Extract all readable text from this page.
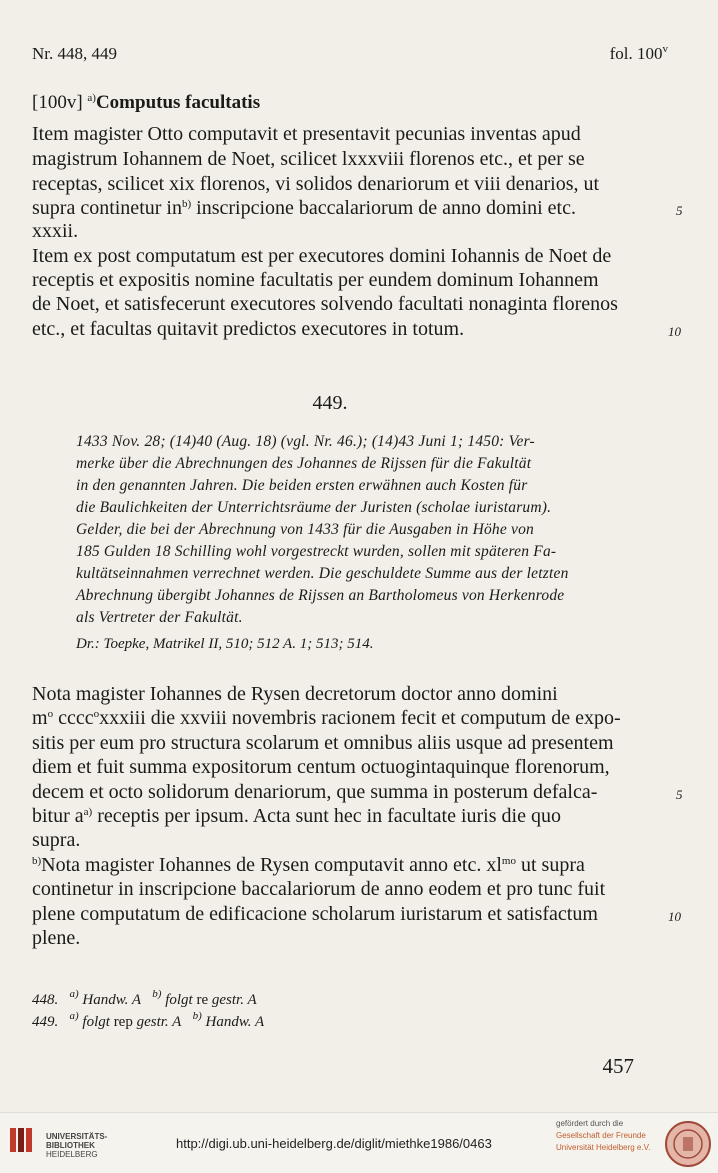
Nr. 448, 449	fol. 100$^v$
[100v] $^{a)}$Computus facultatis
Item magister Otto computavit et presentavit pecunias inventas apud
magistrum Iohannem de Noet, scilicet lxxxviii florenos etc., et per se
receptas, scilicet xix florenos, vi solidos denariorum et viii denarios, ut
supra continetur $in^{b)}$ inscripcione baccalariorum de anno domini etc.	5
xxxii.
Item ex post computatum est per executores domini Iohannis de Noet de
receptis et expositis nomine facultatis per eundem dominum Iohannem
de Noet, et satisfecerunt executores solvendo facultati nonaginta florenos
etc., et facultas quitavit predictos executores in totum.	10
449.
1433 Nov. 28; (14)40 (Aug. 18) (vgl. Nr. 46.); (14)43 Juni 1; 1450: Ver-
merke über die Abrechnungen des Johannes de Rijssen für die Fakultät
in den genannten Jahren. Die beiden ersten erwähnen auch Kosten für
die Baulichkeiten der Unterrichtsräume der Juristen (scholae iuristarum).
Gelder, die bei der Abrechnung von 1433 für die Ausgaben in Höhe von
185 Gulden 18 Schilling wohl vorgestreckt wurden, sollen mit späteren Fa-
kultätseinnahmen verrechnet werden. Die geschuldete Summe aus der letzten
Abrechnung übergibt Johannes de Rijssen an Bartholomeus von Herkenrode
als Vertreter der Fakultät.
Dr.: Toepke, Matrikel II, 510; 512 A. 1; 513; 514.
Nota magister Iohannes de Rysen decretorum doctor anno domini
$m^o$ cccc$^o$xxxiii die xxviii novembris racionem fecit et computum de expo-
sitis per eum pro structura scolarum et omnibus aliis usque ad presentem
diem et fuit summa expositorum centum octuogintaquinque florenorum,
decem et octo solidorum denariorum, que summa in posterum defalca-	5
bitur $a^{a)}$ receptis per ipsum. Acta sunt hec in facultate iuris die quo
supra.
$^{b)}$Nota magister Iohannes de Rysen computavit anno etc. $xl^{mo}$ ut supra
continetur in inscripcione baccalariorum de anno eodem et pro tunc fuit
plene computatum de edificacione scholarum iuristarum et satisfactum	10
plene.
448. $^{a)}$ Handw. A $^{b)}$ folgt re gestr. A
449. $^{a)}$ folgt rep gestr. A $^{b)}$ Handw. A
457
UNIVERSITÄTS-
BIBLIOTHEK
HEIDELBERG
http://digi.ub.uni-heidelberg.de/diglit/miethke1986/0463
gefördert durch die
Gesellschaft der Freunde
Universität Heidelberg e.V.
